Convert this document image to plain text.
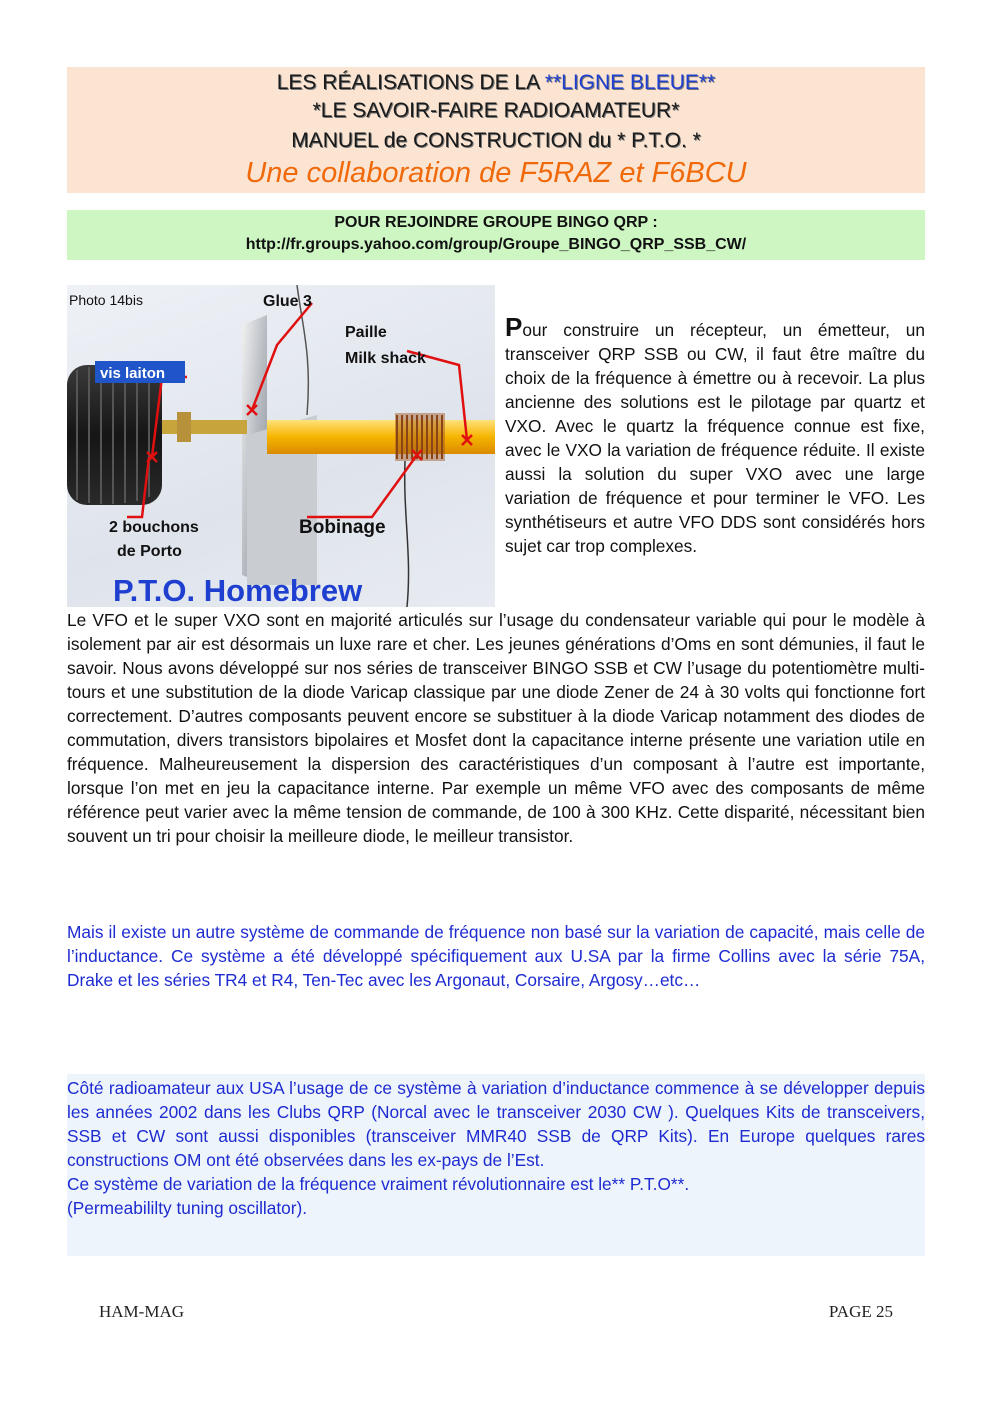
LES RÉALISATIONS DE LA **LIGNE BLEUE**
*LE SAVOIR-FAIRE RADIOAMATEUR*
MANUEL de CONSTRUCTION du * P.T.O. *
Une collaboration de F5RAZ et F6BCU
POUR REJOINDRE GROUPE BINGO QRP :
http://fr.groups.yahoo.com/group/Groupe_BINGO_QRP_SSB_CW/
Photo 14bis	Glue 3
Paille
Milk shack
vis laiton
2 bouchons
de Porto
Bobinage
P.T.O. Homebrew
Pour construire un récepteur, un émetteur, un transceiver QRP SSB ou CW, il faut être maître du choix de la fréquence à émettre ou à recevoir. La plus ancienne des solutions est le pilotage par quartz et VXO. Avec le quartz la fréquence connue est fixe, avec le VXO la variation de fréquence réduite. Il existe aussi la solution du super VXO avec une large variation de fréquence et pour terminer le VFO. Les synthétiseurs et autre VFO DDS sont considérés hors sujet car trop complexes.
Le VFO et le super VXO sont en majorité articulés sur l’usage du condensateur variable qui pour le modèle à isolement par air est désormais un luxe rare et cher. Les jeunes générations d’Oms en sont démunies, il faut le savoir. Nous avons développé sur nos séries de transceiver BINGO SSB et CW l’usage du potentiomètre multi-tours et une substitution de la diode Varicap classique par une diode Zener de 24 à 30 volts qui fonctionne fort correctement. D’autres composants peuvent encore se substituer à la diode Varicap notamment des diodes de commutation, divers transistors bipolaires et Mosfet dont la capacitance interne présente une variation utile en fréquence. Malheureusement la dispersion des caractéristiques d’un composant à l’autre est importante, lorsque l’on met en jeu la capacitance interne. Par exemple un même VFO avec des composants de même référence peut varier avec la même tension de commande, de 100 à 300 KHz. Cette disparité, nécessitant bien souvent un tri pour choisir la meilleure diode, le meilleur transistor.
Mais il existe un autre système de commande de fréquence non basé sur la variation de capacité, mais celle de l’inductance. Ce système a été développé spécifiquement aux U.SA par la firme Collins avec la série 75A, Drake et les séries TR4 et R4, Ten-Tec avec les Argonaut, Corsaire, Argosy…etc…
Côté radioamateur aux USA l’usage de ce système à variation d’inductance commence à se développer depuis les années 2002 dans les Clubs QRP (Norcal avec le transceiver 2030 CW ). Quelques Kits de transceivers, SSB et CW sont aussi disponibles (transceiver MMR40 SSB de QRP Kits). En Europe quelques rares constructions OM ont été observées dans les ex-pays de l’Est.
Ce système de variation de la fréquence vraiment révolutionnaire est le** P.T.O**.
(Permeabililty tuning oscillator).
HAM-MAG	PAGE 25
